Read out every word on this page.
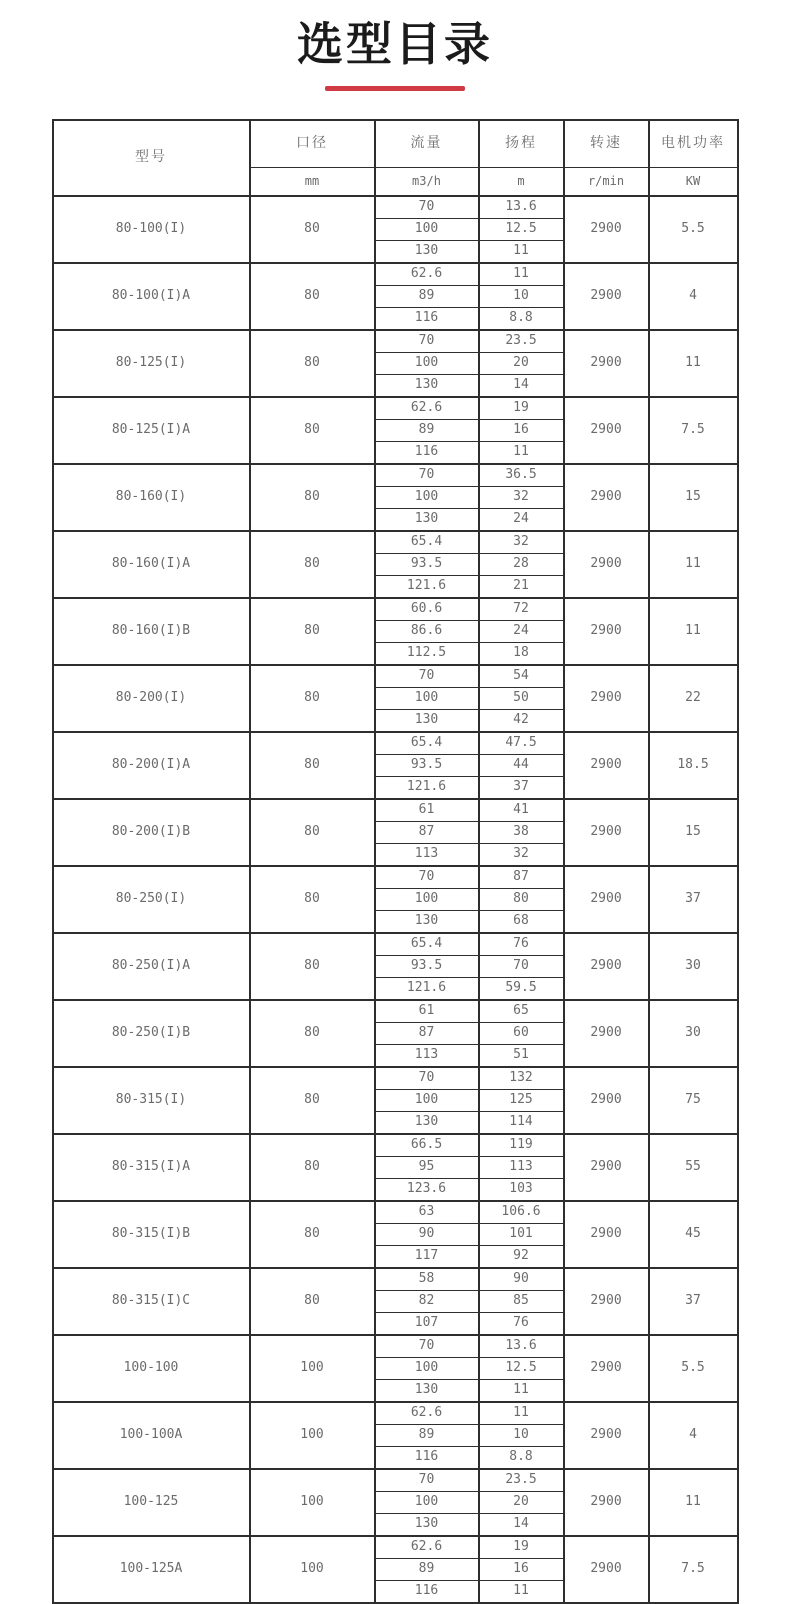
选型目录
型号	口径	流量	扬程	转速	电机功率
	mm	m3/h	m	r/min	KW
80-100(I)	80	70	13.6	2900	5.5
		100	12.5		
		130	11		
80-100(I)A	80	62.6	11	2900	4
		89	10		
		116	8.8		
80-125(I)	80	70	23.5	2900	11
		100	20		
		130	14		
80-125(I)A	80	62.6	19	2900	7.5
		89	16		
		116	11		
80-160(I)	80	70	36.5	2900	15
		100	32		
		130	24		
80-160(I)A	80	65.4	32	2900	11
		93.5	28		
		121.6	21		
80-160(I)B	80	60.6	72	2900	11
		86.6	24		
		112.5	18		
80-200(I)	80	70	54	2900	22
		100	50		
		130	42		
80-200(I)A	80	65.4	47.5	2900	18.5
		93.5	44		
		121.6	37		
80-200(I)B	80	61	41	2900	15
		87	38		
		113	32		
80-250(I)	80	70	87	2900	37
		100	80		
		130	68		
80-250(I)A	80	65.4	76	2900	30
		93.5	70		
		121.6	59.5		
80-250(I)B	80	61	65	2900	30
		87	60		
		113	51		
80-315(I)	80	70	132	2900	75
		100	125		
		130	114		
80-315(I)A	80	66.5	119	2900	55
		95	113		
		123.6	103		
80-315(I)B	80	63	106.6	2900	45
		90	101		
		117	92		
80-315(I)C	80	58	90	2900	37
		82	85		
		107	76		
100-100	100	70	13.6	2900	5.5
		100	12.5		
		130	11		
100-100A	100	62.6	11	2900	4
		89	10		
		116	8.8		
100-125	100	70	23.5	2900	11
		100	20		
		130	14		
100-125A	100	62.6	19	2900	7.5
		89	16		
		116	11		
